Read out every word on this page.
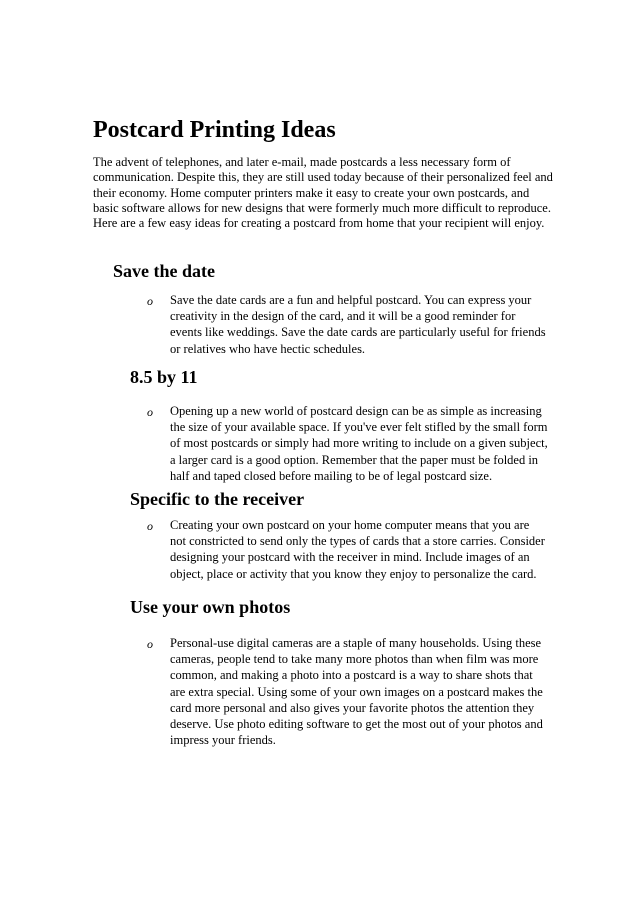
Postcard Printing Ideas

The advent of telephones, and later e-mail, made postcards a less necessary form of communication. Despite this, they are still used today because of their personalized feel and their economy. Home computer printers make it easy to create your own postcards, and basic software allows for new designs that were formerly much more difficult to reproduce. Here are a few easy ideas for creating a postcard from home that your recipient will enjoy.

Save the date
o Save the date cards are a fun and helpful postcard. You can express your creativity in the design of the card, and it will be a good reminder for events like weddings. Save the date cards are particularly useful for friends or relatives who have hectic schedules.

8.5 by 11
o Opening up a new world of postcard design can be as simple as increasing the size of your available space. If you've ever felt stifled by the small form of most postcards or simply had more writing to include on a given subject, a larger card is a good option. Remember that the paper must be folded in half and taped closed before mailing to be of legal postcard size.

Specific to the receiver
o Creating your own postcard on your home computer means that you are not constricted to send only the types of cards that a store carries. Consider designing your postcard with the receiver in mind. Include images of an object, place or activity that you know they enjoy to personalize the card.

Use your own photos
o Personal-use digital cameras are a staple of many households. Using these cameras, people tend to take many more photos than when film was more common, and making a photo into a postcard is a way to share shots that are extra special. Using some of your own images on a postcard makes the card more personal and also gives your favorite photos the attention they deserve. Use photo editing software to get the most out of your photos and impress your friends.
